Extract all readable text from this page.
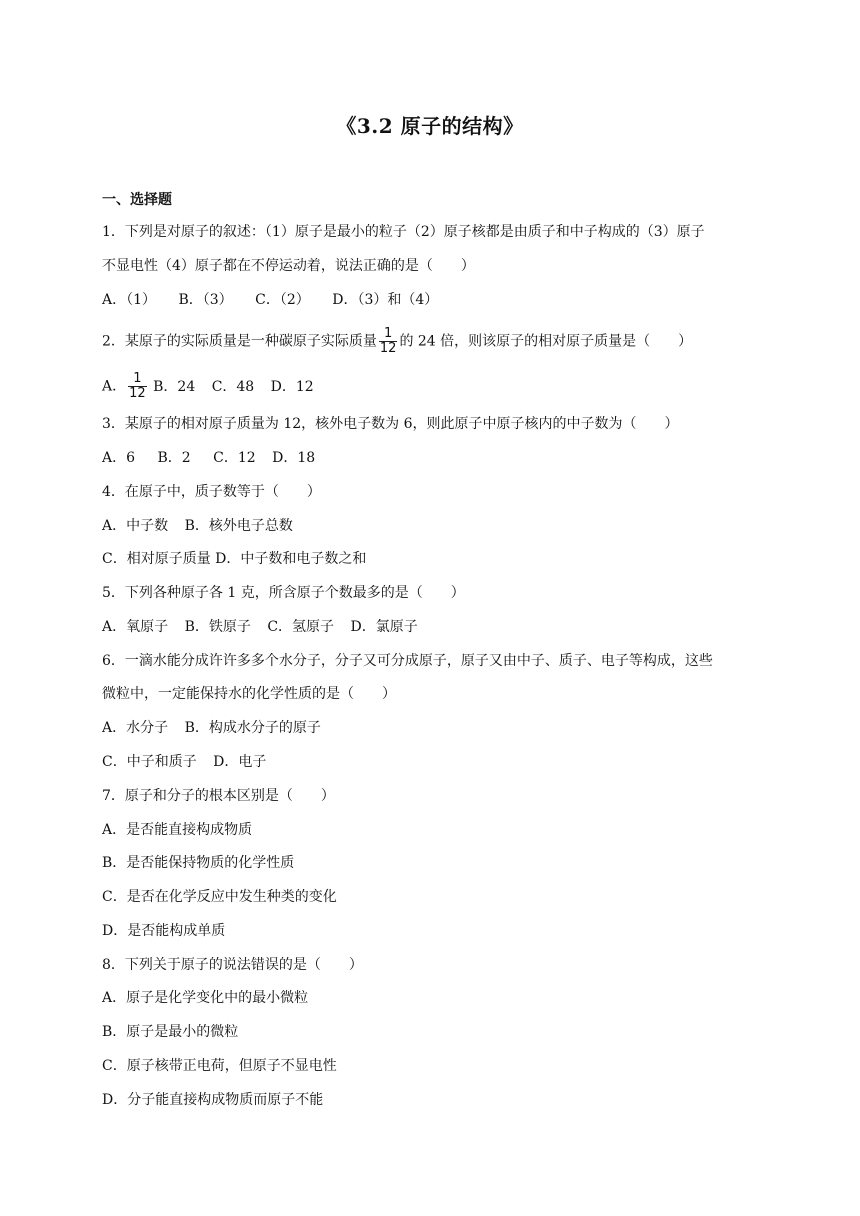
《3.2 原子的结构》
一、选择题
1．下列是对原子的叙述：（1）原子是最小的粒子（2）原子核都是由质子和中子构成的（3）原子
不显电性（4）原子都在不停运动着，说法正确的是（　　）
A．（1） B．（3） C．（2） D．（3）和（4）
2．某原子的实际质量是一种碳原子实际质量 $\frac{1}{12}$ 的 24 倍，则该原子的相对原子质量是（　　）
A． $\frac{1}{12}$ B．24 C．48 D．12
3．某原子的相对原子质量为 12，核外电子数为 6，则此原子中原子核内的中子数为（　　）
A．6 B．2 C．12 D．18
4．在原子中，质子数等于（　　）
A．中子数 B．核外电子总数
C．相对原子质量 D．中子数和电子数之和
5．下列各种原子各 1 克，所含原子个数最多的是（　　）
A．氧原子 B．铁原子 C．氢原子 D．氯原子
6．一滴水能分成许许多多个水分子，分子又可分成原子，原子又由中子、质子、电子等构成，这些
微粒中，一定能保持水的化学性质的是（　　）
A．水分子 B．构成水分子的原子
C．中子和质子 D．电子
7．原子和分子的根本区别是（　　）
A．是否能直接构成物质
B．是否能保持物质的化学性质
C．是否在化学反应中发生种类的变化
D．是否能构成单质
8．下列关于原子的说法错误的是（　　）
A．原子是化学变化中的最小微粒
B．原子是最小的微粒
C．原子核带正电荷，但原子不显电性
D．分子能直接构成物质而原子不能
